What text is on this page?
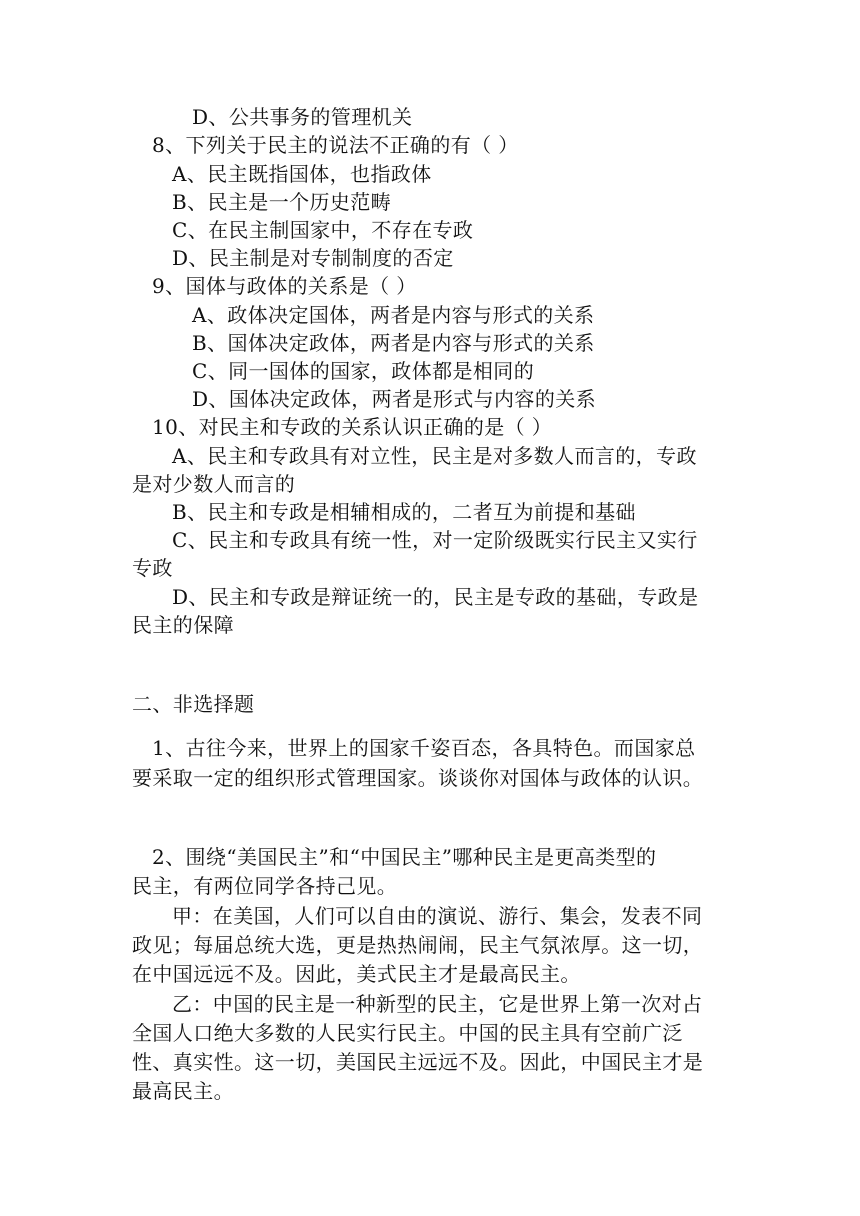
D、公共事务的管理机关
8、下列关于民主的说法不正确的有（ ）
A、民主既指国体，也指政体
B、民主是一个历史范畴
C、在民主制国家中，不存在专政
D、民主制是对专制制度的否定
9、国体与政体的关系是（ ）
A、政体决定国体，两者是内容与形式的关系
B、国体决定政体，两者是内容与形式的关系
C、同一国体的国家，政体都是相同的
D、国体决定政体，两者是形式与内容的关系
10、对民主和专政的关系认识正确的是（ ）
A、民主和专政具有对立性，民主是对多数人而言的，专政
是对少数人而言的
B、民主和专政是相辅相成的，二者互为前提和基础
C、民主和专政具有统一性，对一定阶级既实行民主又实行
专政
D、民主和专政是辩证统一的，民主是专政的基础，专政是
民主的保障
二、非选择题
1、古往今来，世界上的国家千姿百态，各具特色。而国家总
要采取一定的组织形式管理国家。谈谈你对国体与政体的认识。
2、围绕“美国民主”和“中国民主”哪种民主是更高类型的
民主，有两位同学各持己见。
甲：在美国，人们可以自由的演说、游行、集会，发表不同
政见；每届总统大选，更是热热闹闹，民主气氛浓厚。这一切，
在中国远远不及。因此，美式民主才是最高民主。
乙：中国的民主是一种新型的民主，它是世界上第一次对占
全国人口绝大多数的人民实行民主。中国的民主具有空前广泛
性、真实性。这一切，美国民主远远不及。因此，中国民主才是
最高民主。
